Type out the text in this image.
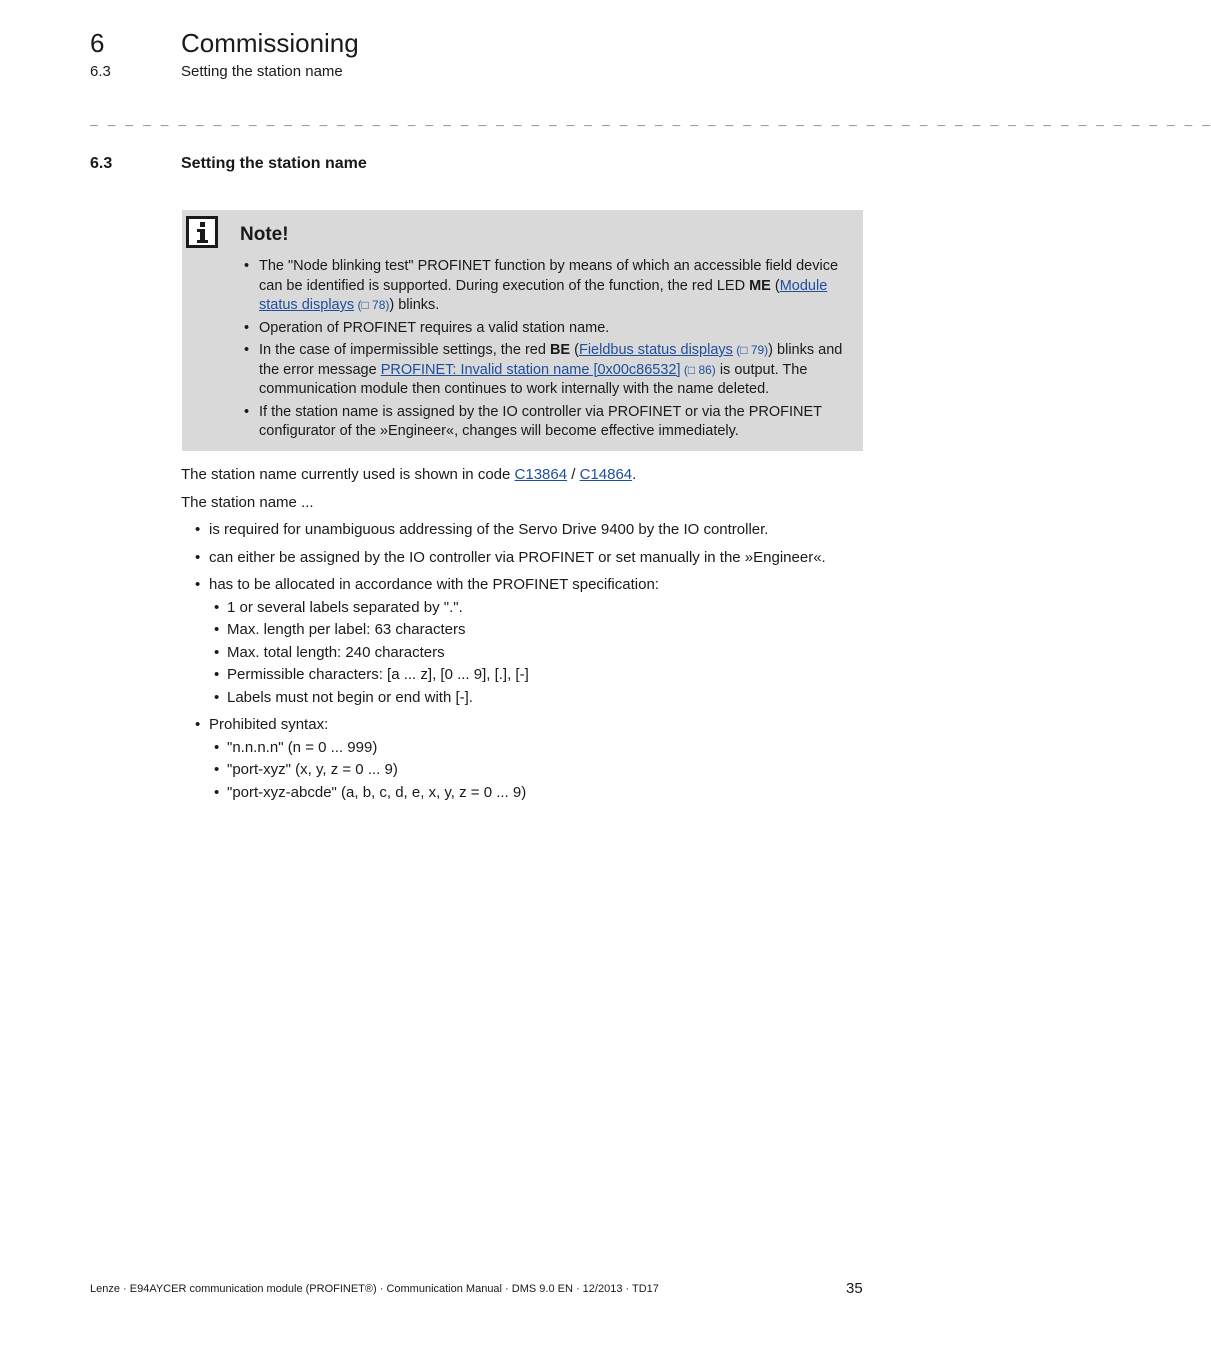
6	Commissioning
6.3	Setting the station name
_ _ _ _ _ _ _ _ _ _ _ _ _ _ _ _ _ _ _ _ _ _ _ _ _ _ _ _ _ _ _ _ _ _ _ _ _ _ _ _ _ _ _ _ _ _ _ _ _ _ _ _ _ _ _ _ _ _ _ _ _ _ _ _
6.3	Setting the station name
Note!
• The "Node blinking test" PROFINET function by means of which an accessible field device can be identified is supported. During execution of the function, the red LED ME (Module status displays (□ 78)) blinks.
• Operation of PROFINET requires a valid station name.
• In the case of impermissible settings, the red BE (Fieldbus status displays (□ 79)) blinks and the error message PROFINET: Invalid station name [0x00c86532] (□ 86) is output. The communication module then continues to work internally with the name deleted.
• If the station name is assigned by the IO controller via PROFINET or via the PROFINET configurator of the »Engineer«, changes will become effective immediately.
The station name currently used is shown in code C13864 / C14864.
The station name ...
• is required for unambiguous addressing of the Servo Drive 9400 by the IO controller.
• can either be assigned by the IO controller via PROFINET or set manually in the »Engineer«.
• has to be allocated in accordance with the PROFINET specification:
• 1 or several labels separated by ".".
• Max. length per label: 63 characters
• Max. total length: 240 characters
• Permissible characters: [a ... z], [0 ... 9], [.], [-]
• Labels must not begin or end with [-].
• Prohibited syntax:
• "n.n.n.n" (n = 0 ... 999)
• "port-xyz" (x, y, z = 0 ... 9)
• "port-xyz-abcde" (a, b, c, d, e, x, y, z = 0 ... 9)
Lenze · E94AYCER communication module (PROFINET®) · Communication Manual · DMS 9.0 EN · 12/2013 · TD17	35
